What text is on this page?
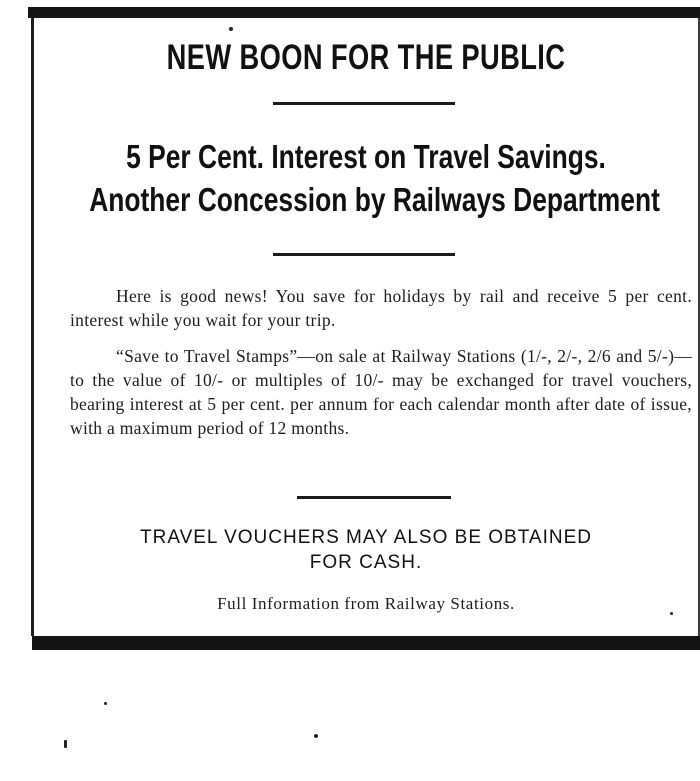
NEW BOON FOR THE PUBLIC
5 Per Cent. Interest on Travel Savings.
Another Concession by Railways Department
Here is good news! You save for holidays by rail and receive 5 per cent. interest while you wait for your trip.
“Save to Travel Stamps”—on sale at Railway Stations (1/-, 2/-, 2/6 and 5/-)—to the value of 10/- or multiples of 10/- may be exchanged for travel vouchers, bearing interest at 5 per cent. per annum for each calendar month after date of issue, with a maximum period of 12 months.
TRAVEL VOUCHERS MAY ALSO BE OBTAINED
FOR CASH.
Full Information from Railway Stations.
